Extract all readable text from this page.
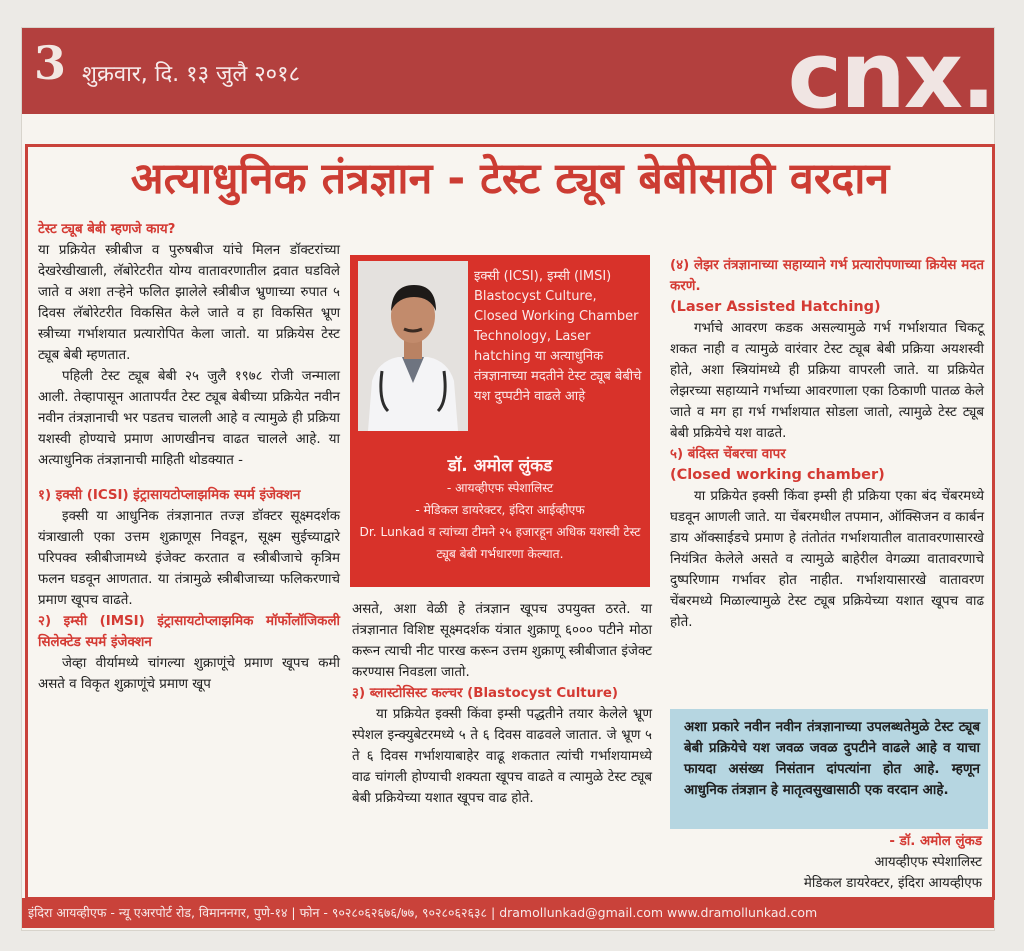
3 शुक्रवार, दि. १३ जुलै २०१८	cnx.
अत्याधुनिक तंत्रज्ञान - टेस्ट ट्यूब बेबीसाठी वरदान

टेस्ट ट्यूब बेबी म्हणजे काय?

या प्रक्रियेत स्त्रीबीज व पुरुषबीज यांचे मिलन डॉक्टरांच्या देखरेखीखाली, लॅबोरेटरीत योग्य वातावरणातील द्रवात घडविले जाते व अशा तऱ्हेने फलित झालेले स्त्रीबीज भ्रुणाच्या रुपात ५ दिवस लॅबोरेटरीत विकसित केले जाते व हा विकसित भ्रूण स्त्रीच्या गर्भाशयात प्रत्यारोपित केला जातो. या प्रक्रियेस टेस्ट ट्यूब बेबी म्हणतात.

पहिली टेस्ट ट्यूब बेबी २५ जुलै १९७८ रोजी जन्माला आली. तेव्हापासून आतापर्यंत टेस्ट ट्यूब बेबीच्या प्रक्रियेत नवीन नवीन तंत्रज्ञानाची भर पडतच चालली आहे व त्यामुळे ही प्रक्रिया यशस्वी होण्याचे प्रमाण आणखीनच वाढत चालले आहे. या अत्याधुनिक तंत्रज्ञानाची माहिती थोडक्यात -

१) इक्सी (ICSI) इंट्रासायटोप्लाझमिक स्पर्म इंजेक्शन

इक्सी या आधुनिक तंत्रज्ञानात तज्ज्ञ डॉक्टर सूक्ष्मदर्शक यंत्राखाली एका उत्तम शुक्राणूस निवडून, सूक्ष्म सुईच्याद्वारे परिपक्व स्त्रीबीजामध्ये इंजेक्ट करतात व स्त्रीबीजाचे कृत्रिम फलन घडवून आणतात. या तंत्रामुळे स्त्रीबीजाच्या फलिकरणाचे प्रमाण खूपच वाढते.

२) इम्सी (IMSI) इंट्रासायटोप्लाझमिक मॉर्फोलॉजिकली सिलेक्टेड स्पर्म इंजेक्शन

जेव्हा वीर्यामध्ये चांगल्या शुक्राणूंचे प्रमाण खूपच कमी असते व विकृत शुक्राणूंचे प्रमाण खूप

इक्सी (ICSI), इम्सी (IMSI) Blastocyst Culture, Closed Working Chamber Technology, Laser hatching या अत्याधुनिक तंत्रज्ञानाच्या मदतीने टेस्ट ट्यूब बेबीचे यश दुप्पटीने वाढले आहे
डॉ. अमोल लुंकड
- आयव्हीएफ स्पेशालिस्ट
- मेडिकल डायरेक्टर, इंदिरा आईव्हीएफ
Dr. Lunkad व त्यांच्या टीमने २५ हजारहून अधिक यशस्वी टेस्ट ट्यूब बेबी गर्भधारणा केल्यात.

असते, अशा वेळी हे तंत्रज्ञान खूपच उपयुक्त ठरते. या तंत्रज्ञानात विशिष्ट सूक्ष्मदर्शक यंत्रात शुक्राणू ६००० पटीने मोठा करून त्याची नीट पारख करून उत्तम शुक्राणू स्त्रीबीजात इंजेक्ट करण्यास निवडला जातो.

३) ब्लास्टोसिस्ट कल्चर (Blastocyst Culture)

या प्रक्रियेत इक्सी किंवा इम्सी पद्धतीने तयार केलेले भ्रूण स्पेशल इन्क्युबेटरमध्ये ५ ते ६ दिवस वाढवले जातात. जे भ्रूण ५ ते ६ दिवस गर्भाशयाबाहेर वाढू शकतात त्यांची गर्भाशयामध्ये वाढ चांगली होण्याची शक्यता खूपच वाढते व त्यामुळे टेस्ट ट्यूब बेबी प्रक्रियेच्या यशात खूपच वाढ होते.

(४) लेझर तंत्रज्ञानाच्या सहाय्याने गर्भ प्रत्यारोपणाच्या क्रियेस मदत करणे.

(Laser Assisted Hatching)

गर्भाचे आवरण कडक असल्यामुळे गर्भ गर्भाशयात चिकटू शकत नाही व त्यामुळे वारंवार टेस्ट ट्यूब बेबी प्रक्रिया अयशस्वी होते, अशा स्त्रियांमध्ये ही प्रक्रिया वापरली जाते. या प्रक्रियेत लेझरच्या सहाय्याने गर्भाच्या आवरणाला एका ठिकाणी पातळ केले जाते व मग हा गर्भ गर्भाशयात सोडला जातो, त्यामुळे टेस्ट ट्यूब बेबी प्रक्रियेचे यश वाढते.

५) बंदिस्त चेंबरचा वापर

(Closed working chamber)

या प्रक्रियेत इक्सी किंवा इम्सी ही प्रक्रिया एका बंद चेंबरमध्ये घडवून आणली जाते. या चेंबरमधील तपमान, ऑक्सिजन व कार्बन डाय ऑक्साईडचे प्रमाण हे तंतोतंत गर्भाशयातील वातावरणासारखे नियंत्रित केलेले असते व त्यामुळे बाहेरील वेगळ्या वातावरणाचे दुष्परिणाम गर्भावर होत नाहीत. गर्भाशयासारखे वातावरण चेंबरमध्ये मिळाल्यामुळे टेस्ट ट्यूब प्रक्रियेच्या यशात खूपच वाढ होते.

अशा प्रकारे नवीन नवीन तंत्रज्ञानाच्या उपलब्धतेमुळे टेस्ट ट्यूब बेबी प्रक्रियेचे यश जवळ जवळ दुपटीने वाढले आहे व याचा फायदा असंख्य निसंतान दांपत्यांना होत आहे. म्हणून आधुनिक तंत्रज्ञान हे मातृत्वसुखासाठी एक वरदान आहे.
- डॉ. अमोल लुंकड
आयव्हीएफ स्पेशालिस्ट
मेडिकल डायरेक्टर, इंदिरा आयव्हीएफ
इंदिरा आयव्हीएफ - न्यू एअरपोर्ट रोड, विमाननगर, पुणे-१४ | फोन - ९०२८०६२६७६/७७, ९०२८०६२६३८ | dramollunkad@gmail.com www.dramollunkad.com
